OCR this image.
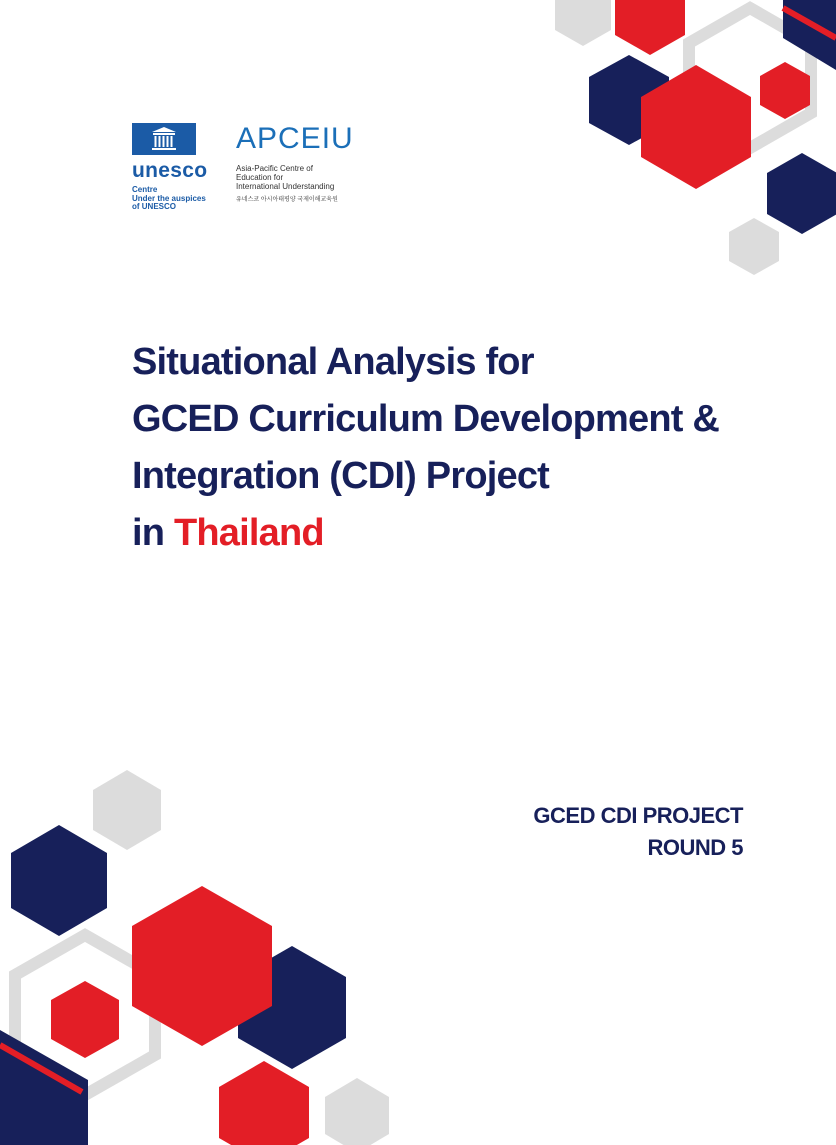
unesco
Centre
Under the auspices
of UNESCO
APCEIU
Asia-Pacific Centre of
Education for
International Understanding
유네스코 아시아태평양 국제이해교육원
Situational Analysis for
GCED Curriculum Development &
Integration (CDI) Project
in Thailand
GCED CDI PROJECT
ROUND 5
